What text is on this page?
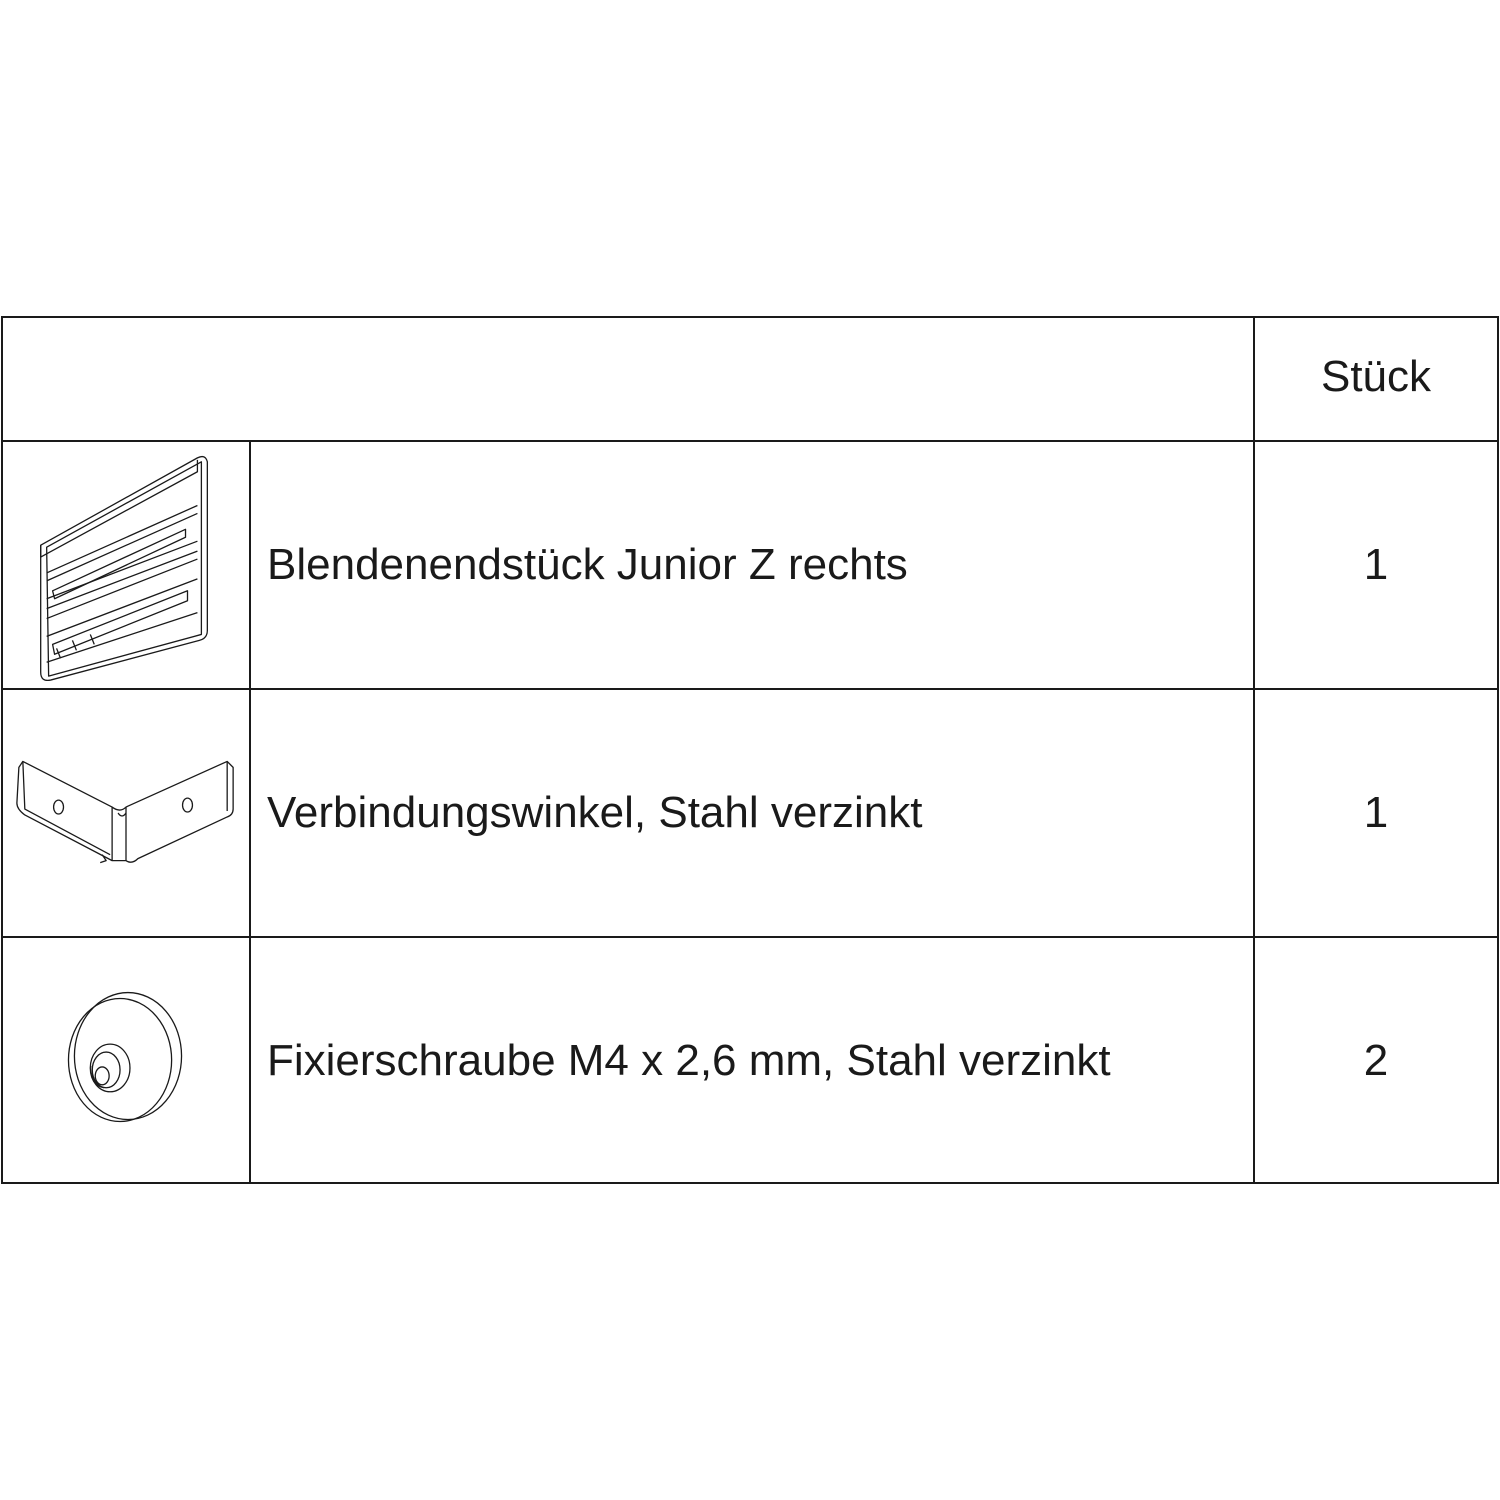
Stück
Blendenendstück Junior Z rechts	1
Verbindungswinkel, Stahl verzinkt	1
Fixierschraube M4 x 2,6 mm, Stahl verzinkt	2
